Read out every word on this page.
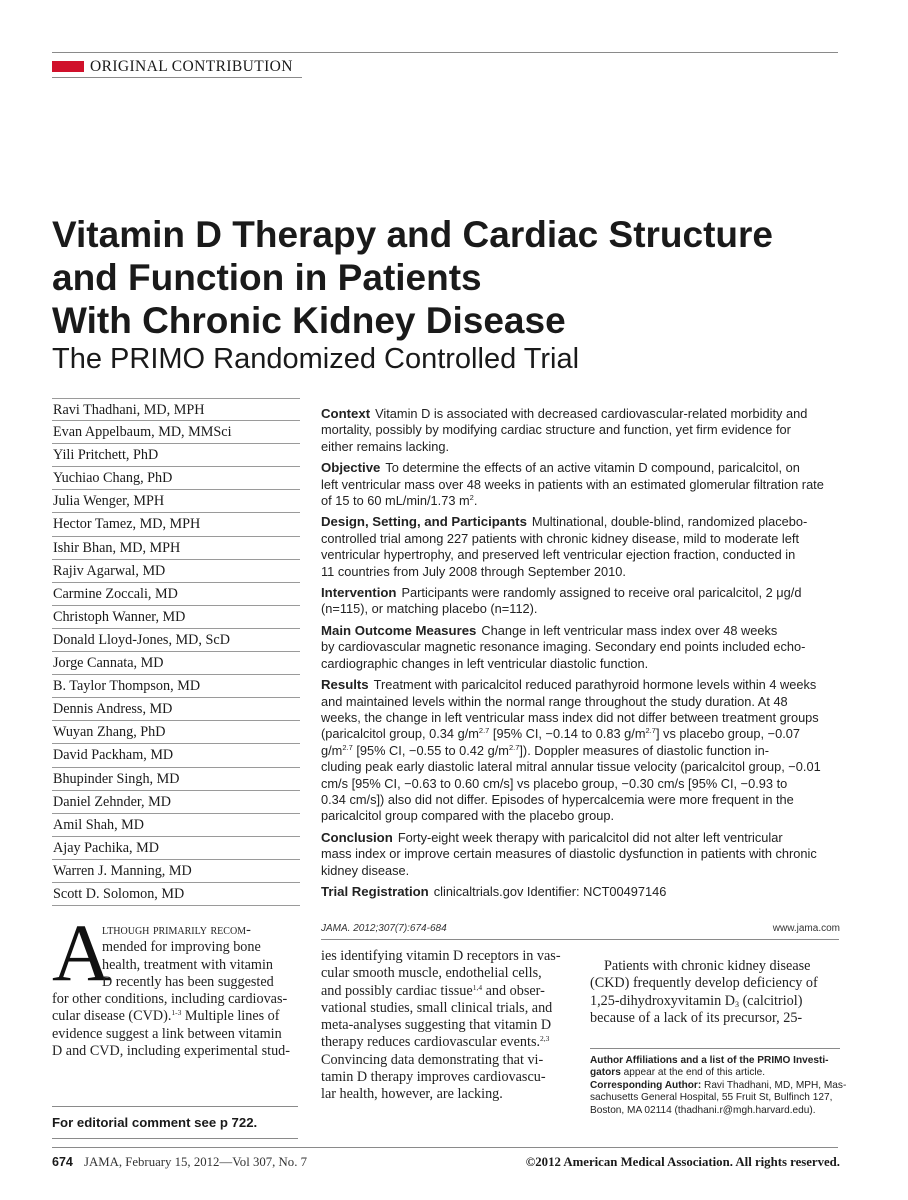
ORIGINAL CONTRIBUTION
Vitamin D Therapy and Cardiac Structure
and Function in Patients
With Chronic Kidney Disease
The PRIMO Randomized Controlled Trial
Ravi Thadhani, MD, MPH
Evan Appelbaum, MD, MMSci
Yili Pritchett, PhD
Yuchiao Chang, PhD
Julia Wenger, MPH
Hector Tamez, MD, MPH
Ishir Bhan, MD, MPH
Rajiv Agarwal, MD
Carmine Zoccali, MD
Christoph Wanner, MD
Donald Lloyd-Jones, MD, ScD
Jorge Cannata, MD
B. Taylor Thompson, MD
Dennis Andress, MD
Wuyan Zhang, PhD
David Packham, MD
Bhupinder Singh, MD
Daniel Zehnder, MD
Amil Shah, MD
Ajay Pachika, MD
Warren J. Manning, MD
Scott D. Solomon, MD
Context Vitamin D is associated with decreased cardiovascular-related morbidity and
mortality, possibly by modifying cardiac structure and function, yet firm evidence for
either remains lacking.
Objective To determine the effects of an active vitamin D compound, paricalcitol, on
left ventricular mass over 48 weeks in patients with an estimated glomerular filtration rate
of 15 to 60 mL/min/1.73 $m^2$.
Design, Setting, and Participants Multinational, double-blind, randomized placebo-
controlled trial among 227 patients with chronic kidney disease, mild to moderate left
ventricular hypertrophy, and preserved left ventricular ejection fraction, conducted in
11 countries from July 2008 through September 2010.
Intervention Participants were randomly assigned to receive oral paricalcitol, 2 μg/d
(n=115), or matching placebo (n=112).
Main Outcome Measures Change in left ventricular mass index over 48 weeks
by cardiovascular magnetic resonance imaging. Secondary end points included echo-
cardiographic changes in left ventricular diastolic function.
Results Treatment with paricalcitol reduced parathyroid hormone levels within 4 weeks
and maintained levels within the normal range throughout the study duration. At 48
weeks, the change in left ventricular mass index did not differ between treatment groups
(paricalcitol group, 0.34 $g/m^{2.7}$ [95% CI, −0.14 to 0.83 $g/m^{2.7}$] vs placebo group, −0.07
$g/m^{2.7}$ [95% CI, −0.55 to 0.42 $g/m^{2.7}$]). Doppler measures of diastolic function in-
cluding peak early diastolic lateral mitral annular tissue velocity (paricalcitol group, −0.01
cm/s [95% CI, −0.63 to 0.60 cm/s] vs placebo group, −0.30 cm/s [95% CI, −0.93 to
0.34 cm/s]) also did not differ. Episodes of hypercalcemia were more frequent in the
paricalcitol group compared with the placebo group.
Conclusion Forty-eight week therapy with paricalcitol did not alter left ventricular
mass index or improve certain measures of diastolic dysfunction in patients with chronic
kidney disease.
Trial Registration clinicaltrials.gov Identifier: NCT00497146
JAMA. 2012;307(7):674-684	www.jama.com
A
lthough primarily recom-
mended for improving bone
health, treatment with vitamin
D recently has been suggested
for other conditions, including cardiovas-
cular disease (CVD).$^{1-3}$ Multiple lines of
evidence suggest a link between vitamin
D and CVD, including experimental stud-
For editorial comment see p 722.
ies identifying vitamin D receptors in vas-
cular smooth muscle, endothelial cells,
and possibly cardiac tissue$^{1,4}$ and obser-
vational studies, small clinical trials, and
meta-analyses suggesting that vitamin D
therapy reduces cardiovascular events.$^{2,3}$
Convincing data demonstrating that vi-
tamin D therapy improves cardiovascu-
lar health, however, are lacking.
Patients with chronic kidney disease
(CKD) frequently develop deficiency of
1,25-dihydroxyvitamin $D_3$ (calcitriol)
because of a lack of its precursor, 25-
Author Affiliations and a list of the PRIMO Investi-
gators appear at the end of this article.
Corresponding Author: Ravi Thadhani, MD, MPH, Mas-
sachusetts General Hospital, 55 Fruit St, Bulfinch 127,
Boston, MA 02114 (thadhani.r@mgh.harvard.edu).
674 JAMA, February 15, 2012—Vol 307, No. 7	©2012 American Medical Association. All rights reserved.
